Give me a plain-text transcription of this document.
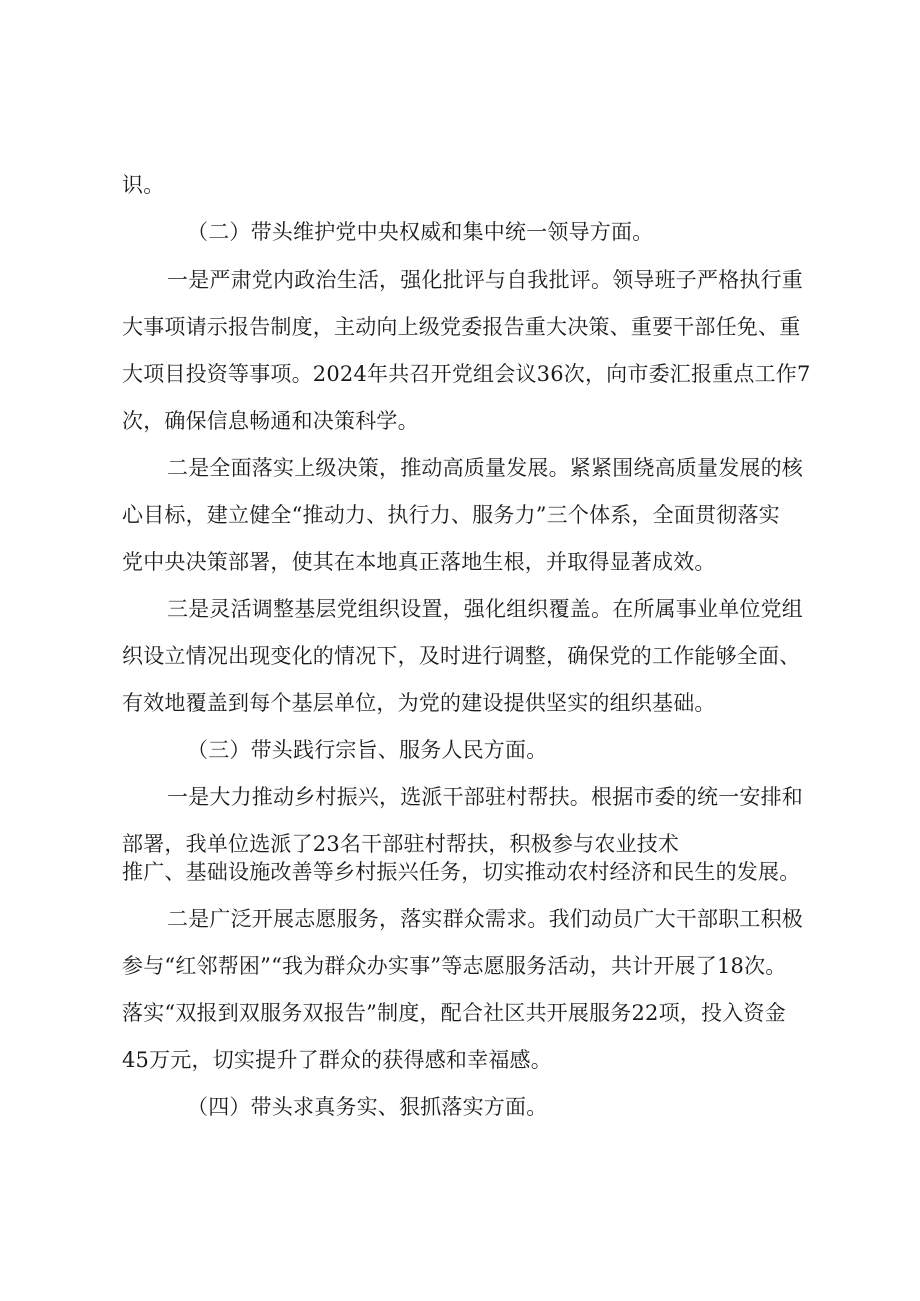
识。
（二）带头维护党中央权威和集中统一领导方面。
一是严肃党内政治生活，强化批评与自我批评。领导班子严格执行重
大事项请示报告制度，主动向上级党委报告重大决策、重要干部任免、重
大项目投资等事项。2024年共召开党组会议36次，向市委汇报重点工作7
次，确保信息畅通和决策科学。
二是全面落实上级决策，推动高质量发展。紧紧围绕高质量发展的核
心目标，建立健全“推动力、执行力、服务力”三个体系，全面贯彻落实
党中央决策部署，使其在本地真正落地生根，并取得显著成效。
三是灵活调整基层党组织设置，强化组织覆盖。在所属事业单位党组
织设立情况出现变化的情况下，及时进行调整，确保党的工作能够全面、
有效地覆盖到每个基层单位，为党的建设提供坚实的组织基础。
（三）带头践行宗旨、服务人民方面。
一是大力推动乡村振兴，选派干部驻村帮扶。根据市委的统一安排和
部署，我单位选派了23名干部驻村帮扶，积极参与农业技术
推广、基础设施改善等乡村振兴任务，切实推动农村经济和民生的发展。
二是广泛开展志愿服务，落实群众需求。我们动员广大干部职工积极
参与“红邻帮困”“我为群众办实事”等志愿服务活动，共计开展了18次。
落实“双报到双服务双报告”制度，配合社区共开展服务22项，投入资金
45万元，切实提升了群众的获得感和幸福感。
（四）带头求真务实、狠抓落实方面。
